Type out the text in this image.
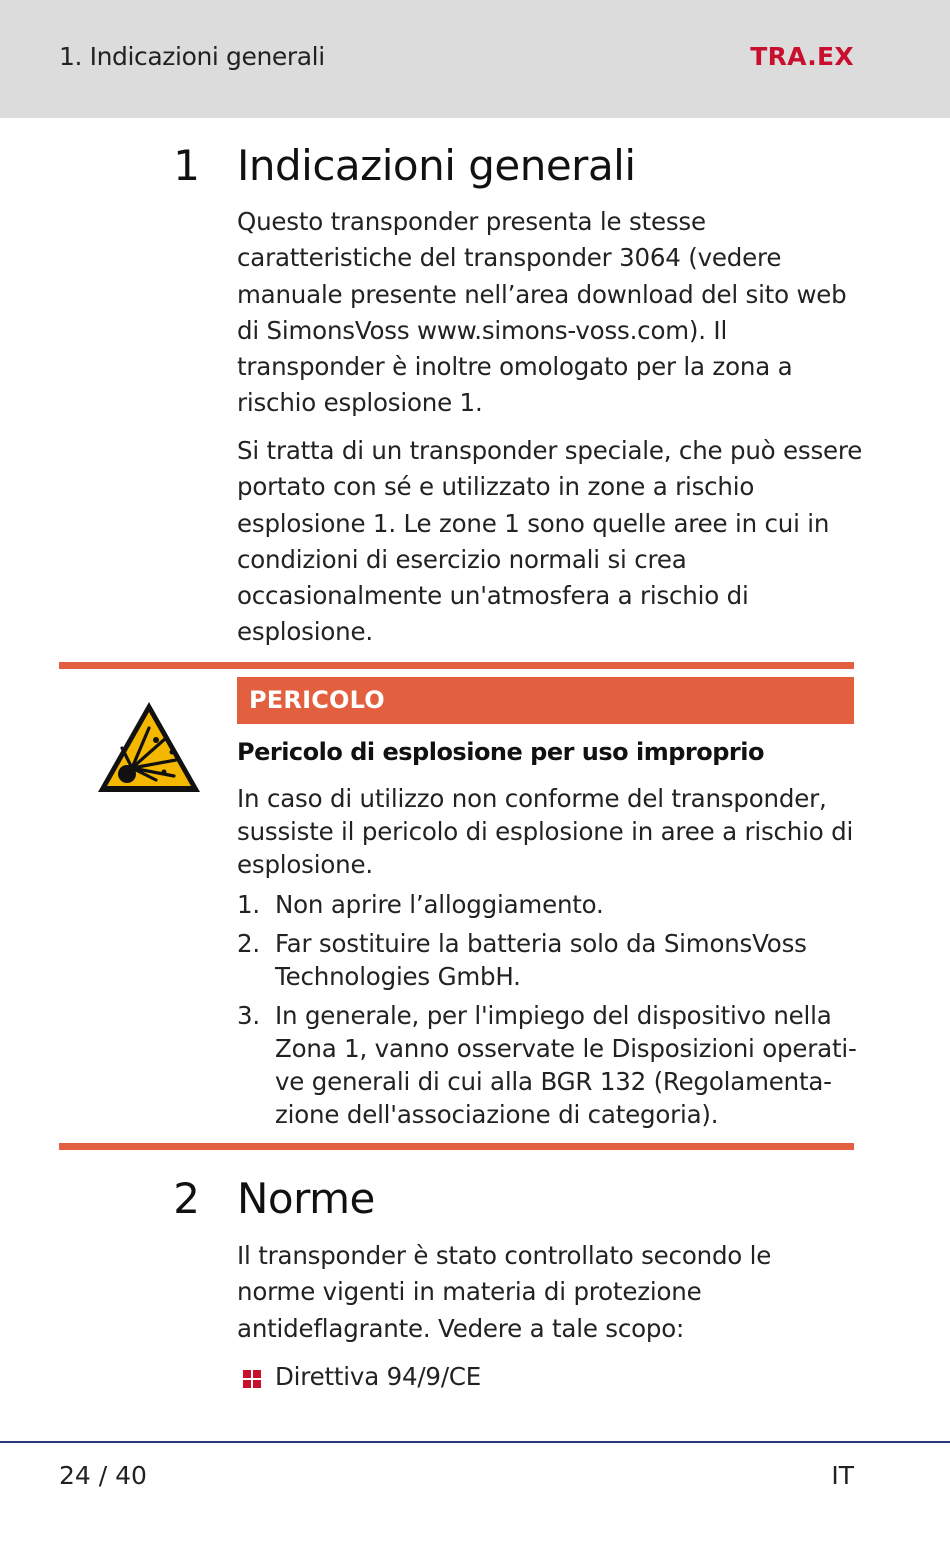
1. Indicazioni generali	TRA.EX
1 Indicazioni generali
Questo transponder presenta le stesse
caratteristiche del transponder 3064 (vedere
manuale presente nell’area download del sito web
di SimonsVoss www.simons-voss.com). Il
transponder è inoltre omologato per la zona a
rischio esplosione 1.
Si tratta di un transponder speciale, che può essere
portato con sé e utilizzato in zone a rischio
esplosione 1. Le zone 1 sono quelle aree in cui in
condizioni di esercizio normali si crea
occasionalmente un'atmosfera a rischio di
esplosione.
PERICOLO
Pericolo di esplosione per uso improprio
In caso di utilizzo non conforme del transponder,
sussiste il pericolo di esplosione in aree a rischio di
esplosione.
1. Non aprire l’alloggiamento.
2. Far sostituire la batteria solo da SimonsVoss
Technologies GmbH.
3. In generale, per l'impiego del dispositivo nella
Zona 1, vanno osservate le Disposizioni operati-
ve generali di cui alla BGR 132 (Regolamenta-
zione dell'associazione di categoria).
2 Norme
Il transponder è stato controllato secondo le
norme vigenti in materia di protezione
antideflagrante. Vedere a tale scopo:
Direttiva 94/9/CE
24 / 40	IT
